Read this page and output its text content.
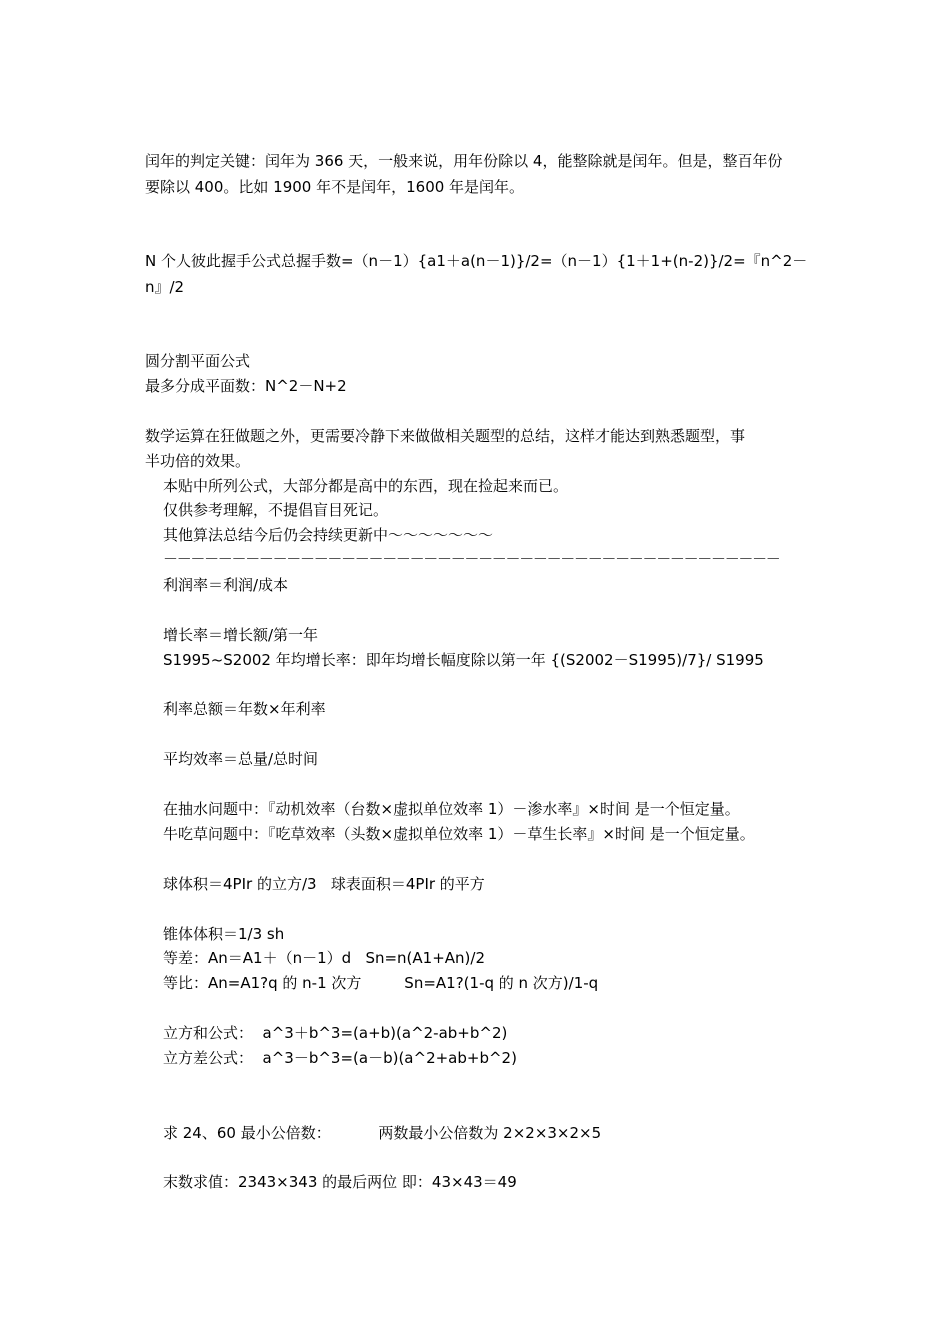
闰年的判定关键：闰年为 366 天，一般来说，用年份除以 4，能整除就是闰年。但是，整百年份
要除以 400。比如 1900 年不是闰年，1600 年是闰年。
N 个人彼此握手公式总握手数=（n－1）{a1＋a(n－1)}/2=（n－1）{1＋1+(n-2)}/2=『n^2－
n』/2
圆分割平面公式
最多分成平面数：N^2－N+2
数学运算在狂做题之外，更需要冷静下来做做相关题型的总结，这样才能达到熟悉题型，事
半功倍的效果。
本贴中所列公式，大部分都是高中的东西，现在捡起来而已。
仅供参考理解，不提倡盲目死记。
其他算法总结今后仍会持续更新中～～～～～～～
－－－－－－－－－－－－－－－－－－－－－－－－－－－－－－－－－－－－－－－－－－－－－
利润率＝利润/成本
增长率＝增长额/第一年
S1995~S2002 年均增长率：即年均增长幅度除以第一年 {(S2002－S1995)/7}/ S1995
利率总额＝年数×年利率
平均效率＝总量/总时间
在抽水问题中：『动机效率（台数×虚拟单位效率 1）－渗水率』×时间 是一个恒定量。
牛吃草问题中：『吃草效率（头数×虚拟单位效率 1）－草生长率』×时间 是一个恒定量。
球体积＝4PIr 的立方/3   球表面积＝4PIr 的平方
锥体体积＝1/3 sh
等差：An＝A1＋（n－1）d   Sn=n(A1+An)/2
等比：An=A1?q 的 n-1 次方         Sn=A1?(1-q 的 n 次方)/1-q
立方和公式：  a^3＋b^3=(a+b)(a^2-ab+b^2)
立方差公式：  a^3－b^3=(a－b)(a^2+ab+b^2)
求 24、60 最小公倍数：          两数最小公倍数为 2×2×3×2×5
末数求值：2343×343 的最后两位 即：43×43＝49
